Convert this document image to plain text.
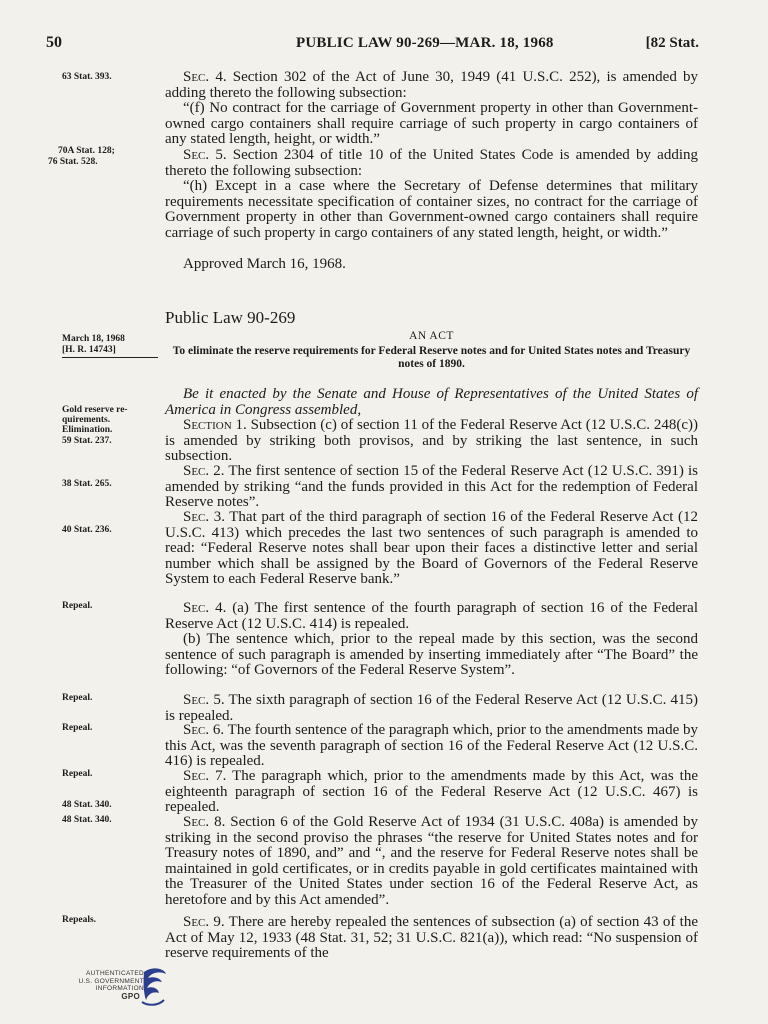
50	PUBLIC LAW 90-269—MAR. 18, 1968	[82 Stat.
63 Stat. 393.
70A Stat. 128;
76 Stat. 528.
March 18, 1968
[H. R. 14743]
Gold reserve re-
quirements.
Elimination.
59 Stat. 237.
38 Stat. 265.
40 Stat. 236.
Repeal.
Repeal.
Repeal.
Repeal.
48 Stat. 340.
48 Stat. 340.
Repeals.
Sec. 4. Section 302 of the Act of June 30, 1949 (41 U.S.C. 252), is amended by adding thereto the following subsection:
“(f) No contract for the carriage of Government property in other than Government-owned cargo containers shall require carriage of such property in cargo containers of any stated length, height, or width.”
Sec. 5. Section 2304 of title 10 of the United States Code is amended by adding thereto the following subsection:
“(h) Except in a case where the Secretary of Defense determines that military requirements necessitate specification of container sizes, no contract for the carriage of Government property in other than Government-owned cargo containers shall require carriage of such property in cargo containers of any stated length, height, or width.”
Approved March 16, 1968.
Public Law 90-269
AN ACT
To eliminate the reserve requirements for Federal Reserve notes and for United States notes and Treasury notes of 1890.
Be it enacted by the Senate and House of Representatives of the United States of America in Congress assembled,
Section 1. Subsection (c) of section 11 of the Federal Reserve Act (12 U.S.C. 248(c)) is amended by striking both provisos, and by striking the last sentence, in such subsection.
Sec. 2. The first sentence of section 15 of the Federal Reserve Act (12 U.S.C. 391) is amended by striking “and the funds provided in this Act for the redemption of Federal Reserve notes”.
Sec. 3. That part of the third paragraph of section 16 of the Federal Reserve Act (12 U.S.C. 413) which precedes the last two sentences of such paragraph is amended to read: “Federal Reserve notes shall bear upon their faces a distinctive letter and serial number which shall be assigned by the Board of Governors of the Federal Reserve System to each Federal Reserve bank.”
Sec. 4. (a) The first sentence of the fourth paragraph of section 16 of the Federal Reserve Act (12 U.S.C. 414) is repealed.
(b) The sentence which, prior to the repeal made by this section, was the second sentence of such paragraph is amended by inserting immediately after “The Board” the following: “of Governors of the Federal Reserve System”.
Sec. 5. The sixth paragraph of section 16 of the Federal Reserve Act (12 U.S.C. 415) is repealed.
Sec. 6. The fourth sentence of the paragraph which, prior to the amendments made by this Act, was the seventh paragraph of section 16 of the Federal Reserve Act (12 U.S.C. 416) is repealed.
Sec. 7. The paragraph which, prior to the amendments made by this Act, was the eighteenth paragraph of section 16 of the Federal Reserve Act (12 U.S.C. 467) is repealed.
Sec. 8. Section 6 of the Gold Reserve Act of 1934 (31 U.S.C. 408a) is amended by striking in the second proviso the phrases “the reserve for United States notes and for Treasury notes of 1890, and” and “, and the reserve for Federal Reserve notes shall be maintained in gold certificates, or in credits payable in gold certificates maintained with the Treasurer of the United States under section 16 of the Federal Reserve Act, as heretofore and by this Act amended”.
Sec. 9. There are hereby repealed the sentences of subsection (a) of section 43 of the Act of May 12, 1933 (48 Stat. 31, 52; 31 U.S.C. 821(a)), which read: “No suspension of reserve requirements of the
AUTHENTICATED
U.S. GOVERNMENT
INFORMATION
GPO
